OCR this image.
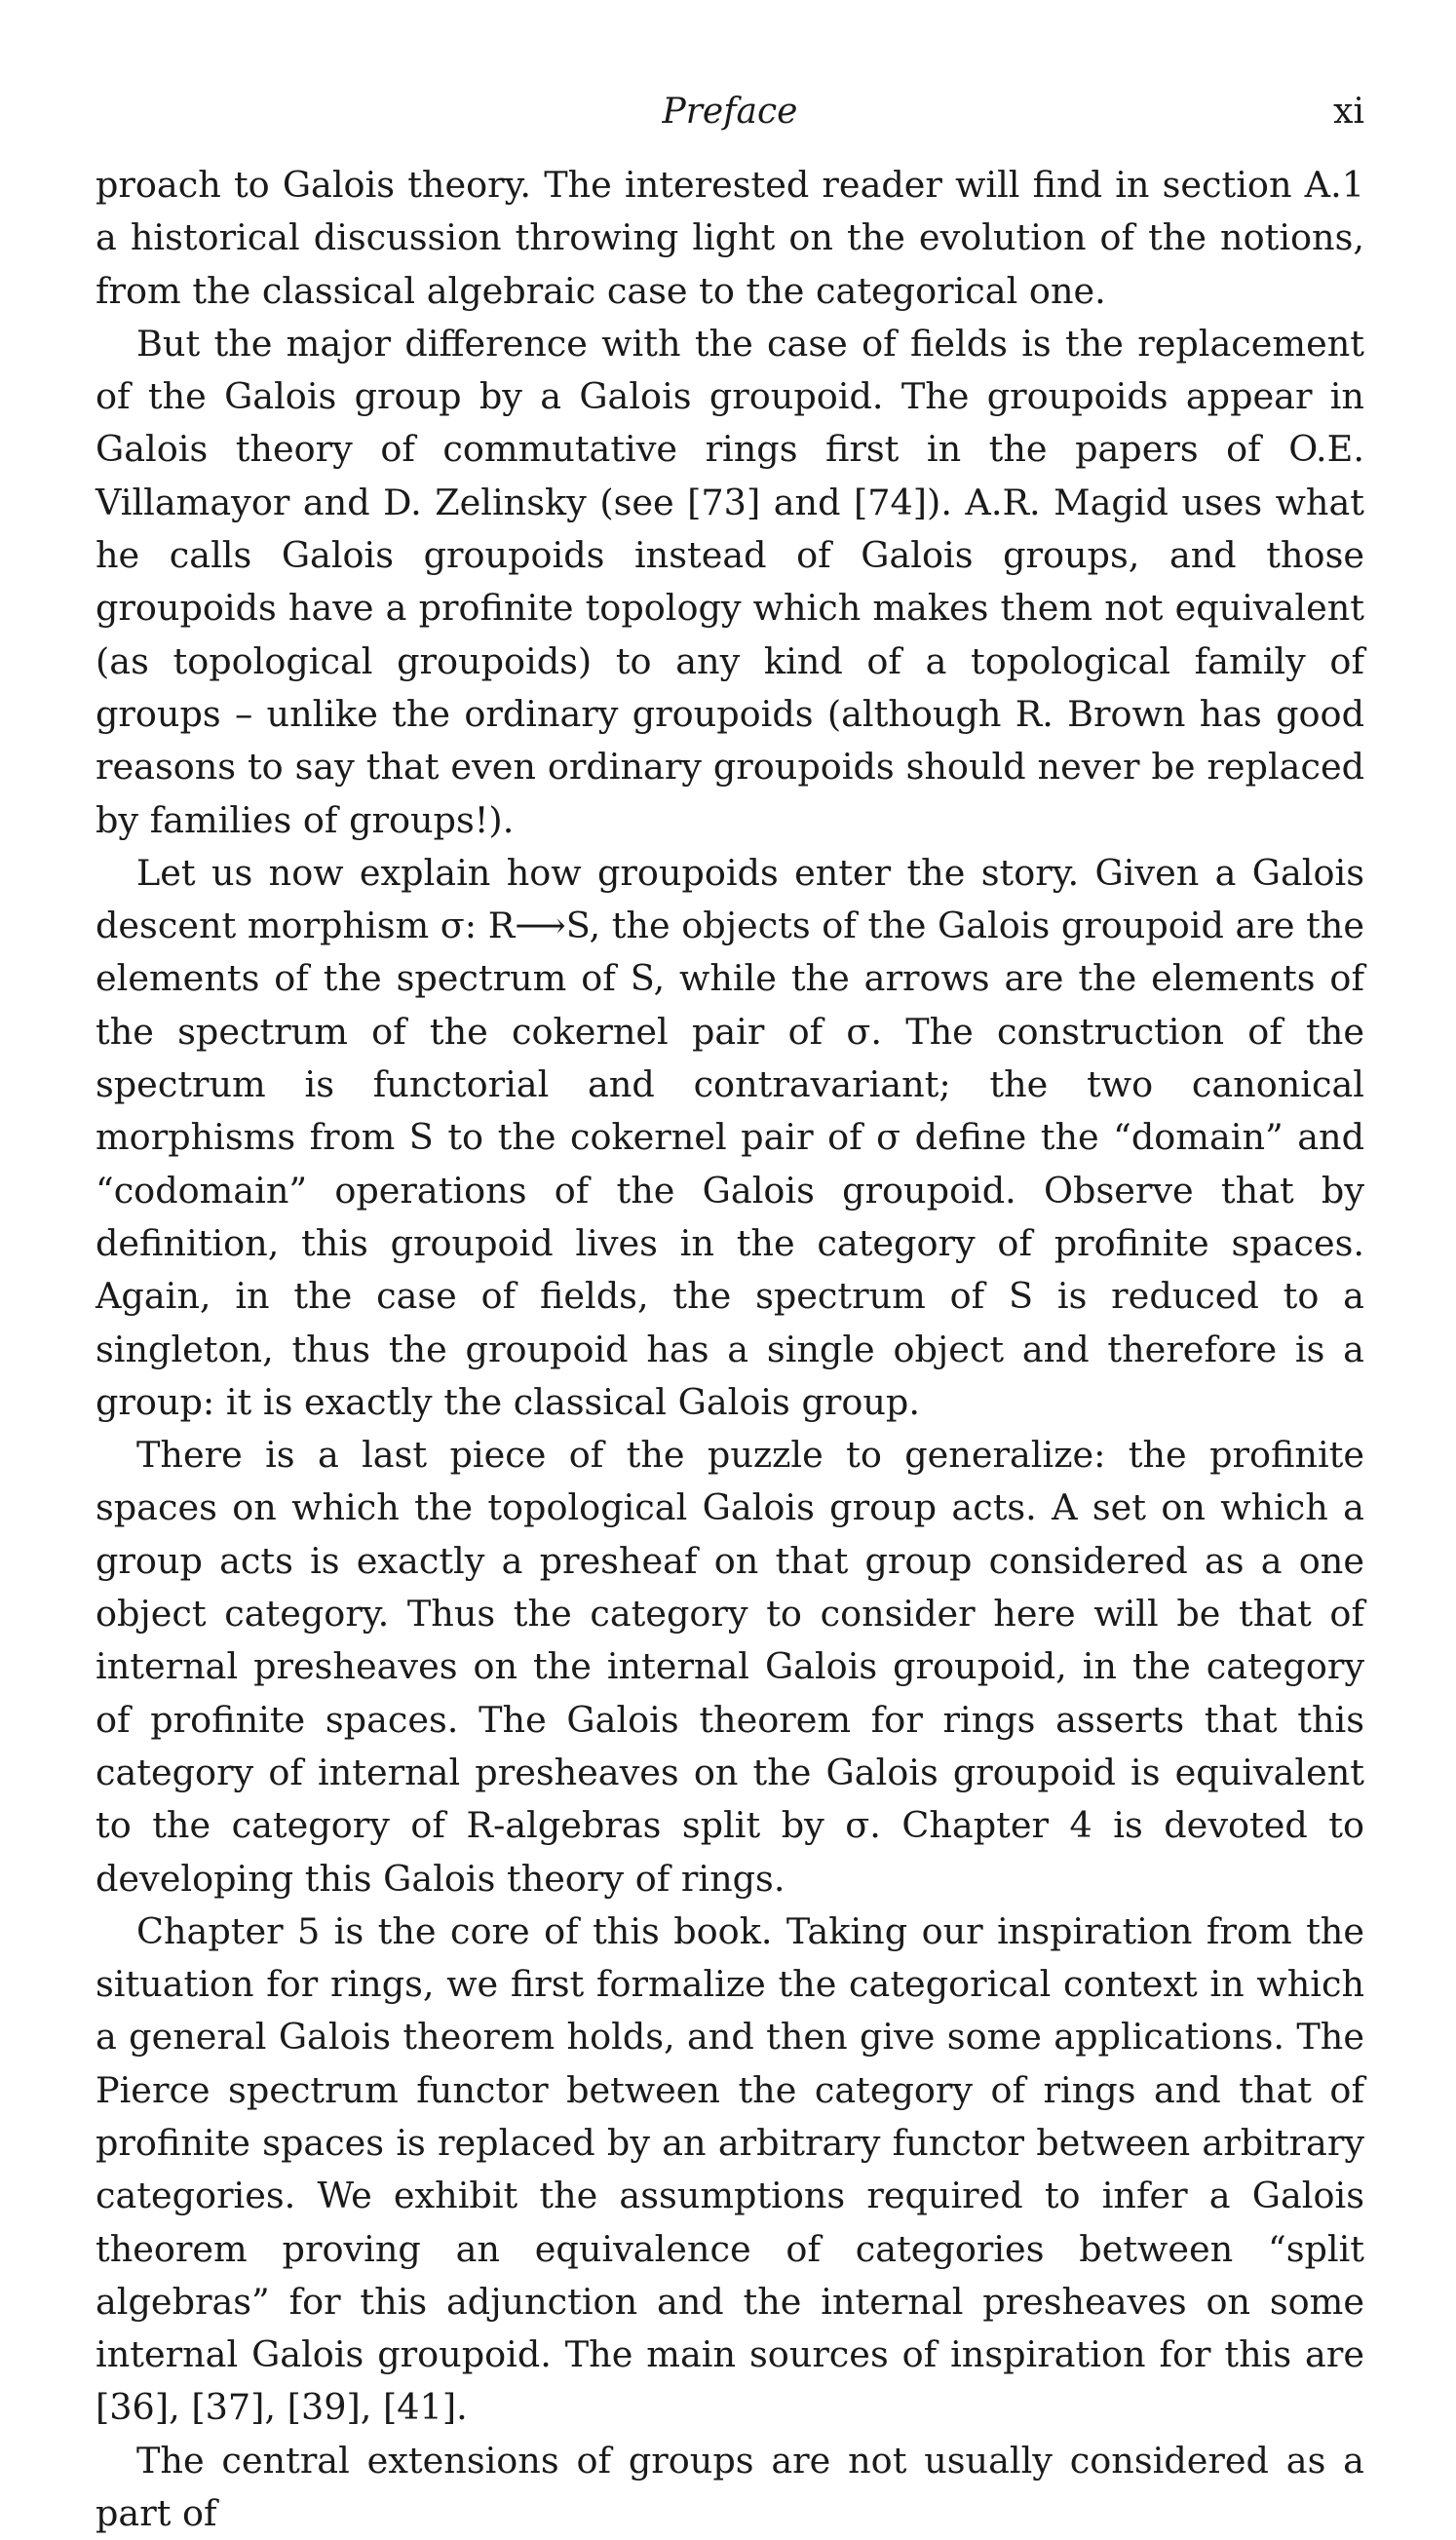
Preface	xi

proach to Galois theory. The interested reader will find in section A.1 a historical discussion throwing light on the evolution of the notions, from the classical algebraic case to the categorical one.

But the major difference with the case of fields is the replacement of the Galois group by a Galois groupoid. The groupoids appear in Galois theory of commutative rings first in the papers of O.E. Villamayor and D. Zelinsky (see [73] and [74]). A.R. Magid uses what he calls Galois groupoids instead of Galois groups, and those groupoids have a profinite topology which makes them not equivalent (as topological groupoids) to any kind of a topological family of groups – unlike the ordinary groupoids (although R. Brown has good reasons to say that even ordinary groupoids should never be replaced by families of groups!).

Let us now explain how groupoids enter the story. Given a Galois descent morphism σ: R⟶S, the objects of the Galois groupoid are the elements of the spectrum of S, while the arrows are the elements of the spectrum of the cokernel pair of σ. The construction of the spectrum is functorial and contravariant; the two canonical morphisms from S to the cokernel pair of σ define the “domain” and “codomain” operations of the Galois groupoid. Observe that by definition, this groupoid lives in the category of profinite spaces. Again, in the case of fields, the spectrum of S is reduced to a singleton, thus the groupoid has a single object and therefore is a group: it is exactly the classical Galois group.

There is a last piece of the puzzle to generalize: the profinite spaces on which the topological Galois group acts. A set on which a group acts is exactly a presheaf on that group considered as a one object category. Thus the category to consider here will be that of internal presheaves on the internal Galois groupoid, in the category of profinite spaces. The Galois theorem for rings asserts that this category of internal presheaves on the Galois groupoid is equivalent to the category of R-algebras split by σ. Chapter 4 is devoted to developing this Galois theory of rings.

Chapter 5 is the core of this book. Taking our inspiration from the situation for rings, we first formalize the categorical context in which a general Galois theorem holds, and then give some applications. The Pierce spectrum functor between the category of rings and that of profinite spaces is replaced by an arbitrary functor between arbitrary categories. We exhibit the assumptions required to infer a Galois theorem proving an equivalence of categories between “split algebras” for this adjunction and the internal presheaves on some internal Galois groupoid. The main sources of inspiration for this are [36], [37], [39], [41].

The central extensions of groups are not usually considered as a part of
